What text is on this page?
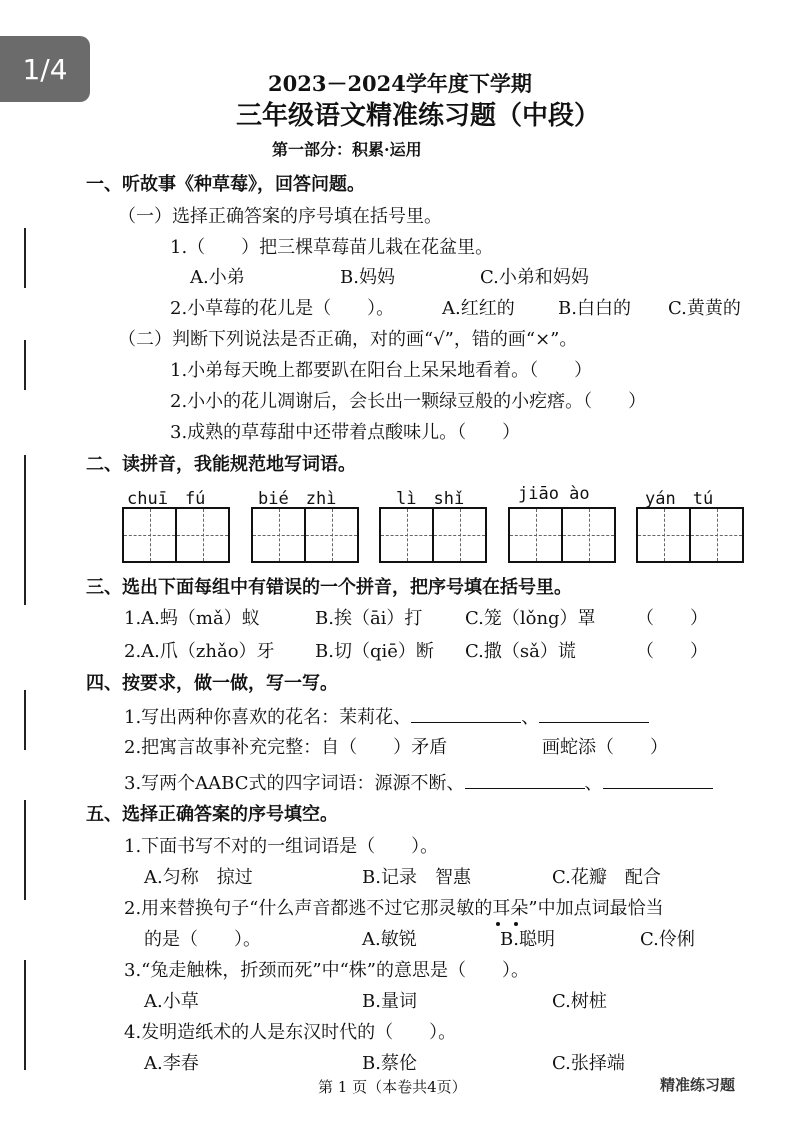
1/4	2023－2024学年度下学期
三年级语文精准练习题（中段）
第一部分：积累·运用
一、听故事《种草莓》，回答问题。
（一）选择正确答案的序号填在括号里。
1.（　　）把三棵草莓苗儿栽在花盆里。
A.小弟	B.妈妈	C.小弟和妈妈
2.小草莓的花儿是（　　）。	A.红红的 B.白白的 C.黄黄的
（二）判断下列说法是否正确，对的画“√”，错的画“×”。
1.小弟每天晚上都要趴在阳台上呆呆地看着。（　　）
2.小小的花儿凋谢后，会长出一颗绿豆般的小疙瘩。（　　）
3.成熟的草莓甜中还带着点酸味儿。（　　）
二、读拼音，我能规范地写词语。
chuī　fú	bié　zhì	lì　shǐ	jiāo ào	yán　tú
三、选出下面每组中有错误的一个拼音，把序号填在括号里。
1.A.蚂（mǎ）蚁	B.挨（āi）打 C.笼（lǒng）罩 （　　）
2.A.爪（zhǎo）牙 B.切（qiē）断 C.撒（sǎ）谎	（　　）
四、按要求，做一做，写一写。
1.写出两种你喜欢的花名：茉莉花、	、
2.把寓言故事补充完整：自（　　）矛盾	画蛇添（　　）
3.写两个AABC式的四字词语：源源不断、	、
五、选择正确答案的序号填空。
1.下面书写不对的一组词语是（　　）。
A.匀称　掠过	B.记录　智惠	C.花瓣　配合
2.用来替换句子“什么声音都逃不过它那灵敏的耳朵”中加点词最恰当
的是（　　）。	A.敏锐	B.聪明	C.伶俐
3.“兔走触株，折颈而死”中“株”的意思是（　　）。
A.小草	B.量词	C.树桩
4.发明造纸术的人是东汉时代的（　　）。
A.李春	B.蔡伦	C.张择端
第 1 页（本卷共4页）	精准练习题
